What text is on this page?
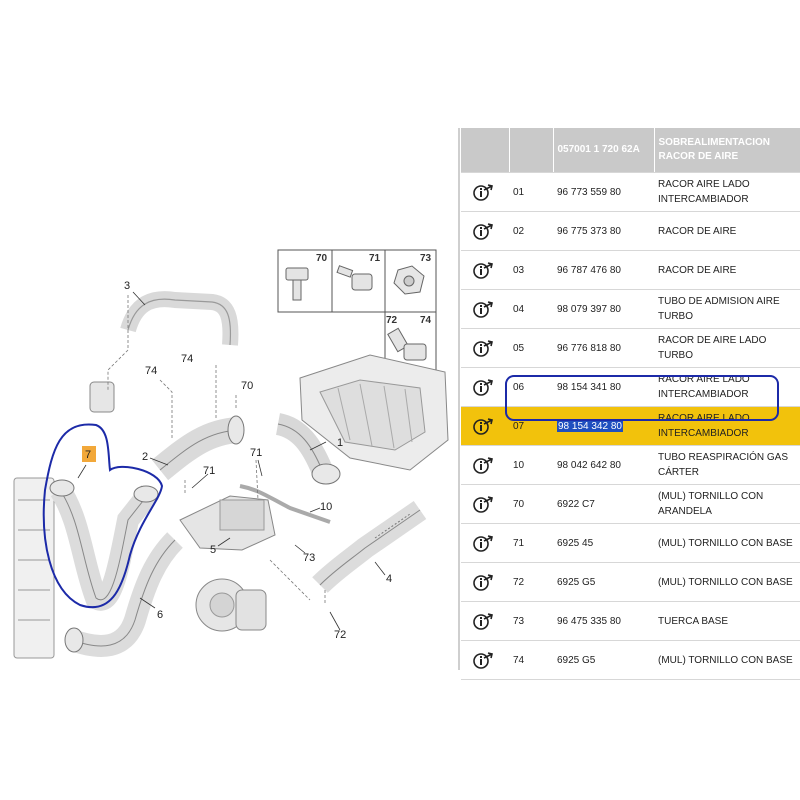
70	71	73
72 74
7
3
74
74
70
1
2
71
71
10
5
73
4
6
72
		057001 1 720 62A	SOBREALIMENTACION RACOR DE AIRE

	01	96 773 559 80	RACOR AIRE LADO INTERCAMBIADOR

	02	96 775 373 80	RACOR DE AIRE

	03	96 787 476 80	RACOR DE AIRE

	04	98 079 397 80	TUBO DE ADMISION AIRE TURBO

	05	96 776 818 80	RACOR DE AIRE LADO TURBO

	06	98 154 341 80	RACOR AIRE LADO INTERCAMBIADOR

	07	98 154 342 80	RACOR AIRE LADO INTERCAMBIADOR

	10	98 042 642 80	TUBO REASPIRACIÓN GAS CÁRTER

	70	6922 C7	(MUL) TORNILLO CON ARANDELA

	71	6925 45	(MUL) TORNILLO CON BASE

	72	6925 G5	(MUL) TORNILLO CON BASE

	73	96 475 335 80	TUERCA BASE

	74	6925 G5	(MUL) TORNILLO CON BASE
